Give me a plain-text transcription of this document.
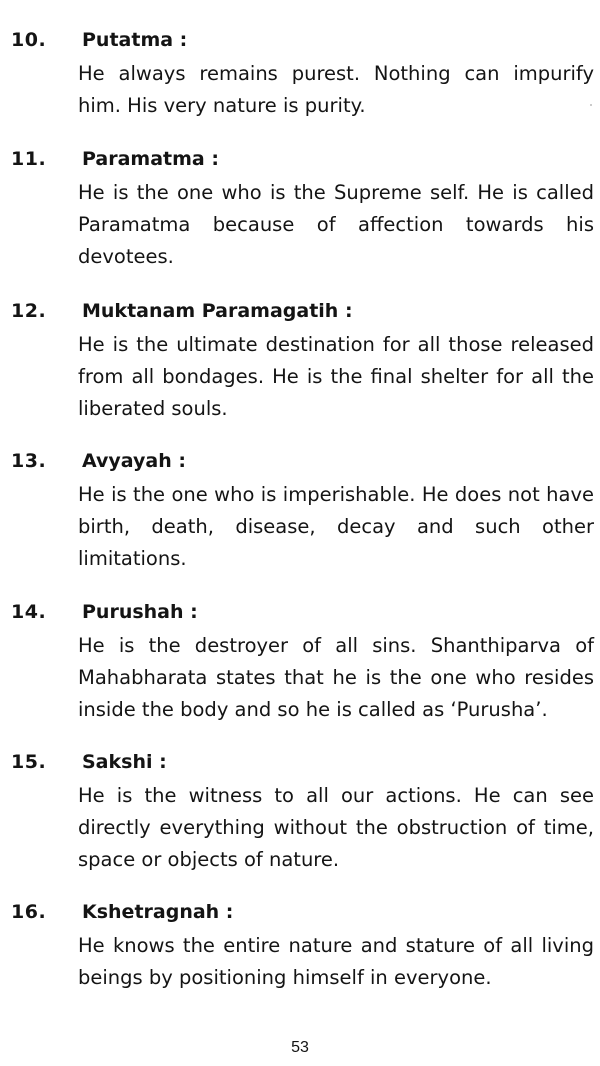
10. Putatma :

He always remains purest. Nothing can impurify him. His very nature is purity.

11. Paramatma :

He is the one who is the Supreme self. He is called Paramatma because of affection towards his devotees.

12. Muktanam Paramagatih :

He is the ultimate destination for all those released from all bondages. He is the final shelter for all the liberated souls.

13. Avyayah :

He is the one who is imperishable. He does not have birth, death, disease, decay and such other limitations.

14. Purushah :

He is the destroyer of all sins. Shanthiparva of Mahabharata states that he is the one who resides inside the body and so he is called as ‘Purusha’.

15. Sakshi :

He is the witness to all our actions. He can see directly everything without the obstruction of time, space or objects of nature.

16. Kshetragnah :

He knows the entire nature and stature of all living beings by positioning himself in everyone.

53
